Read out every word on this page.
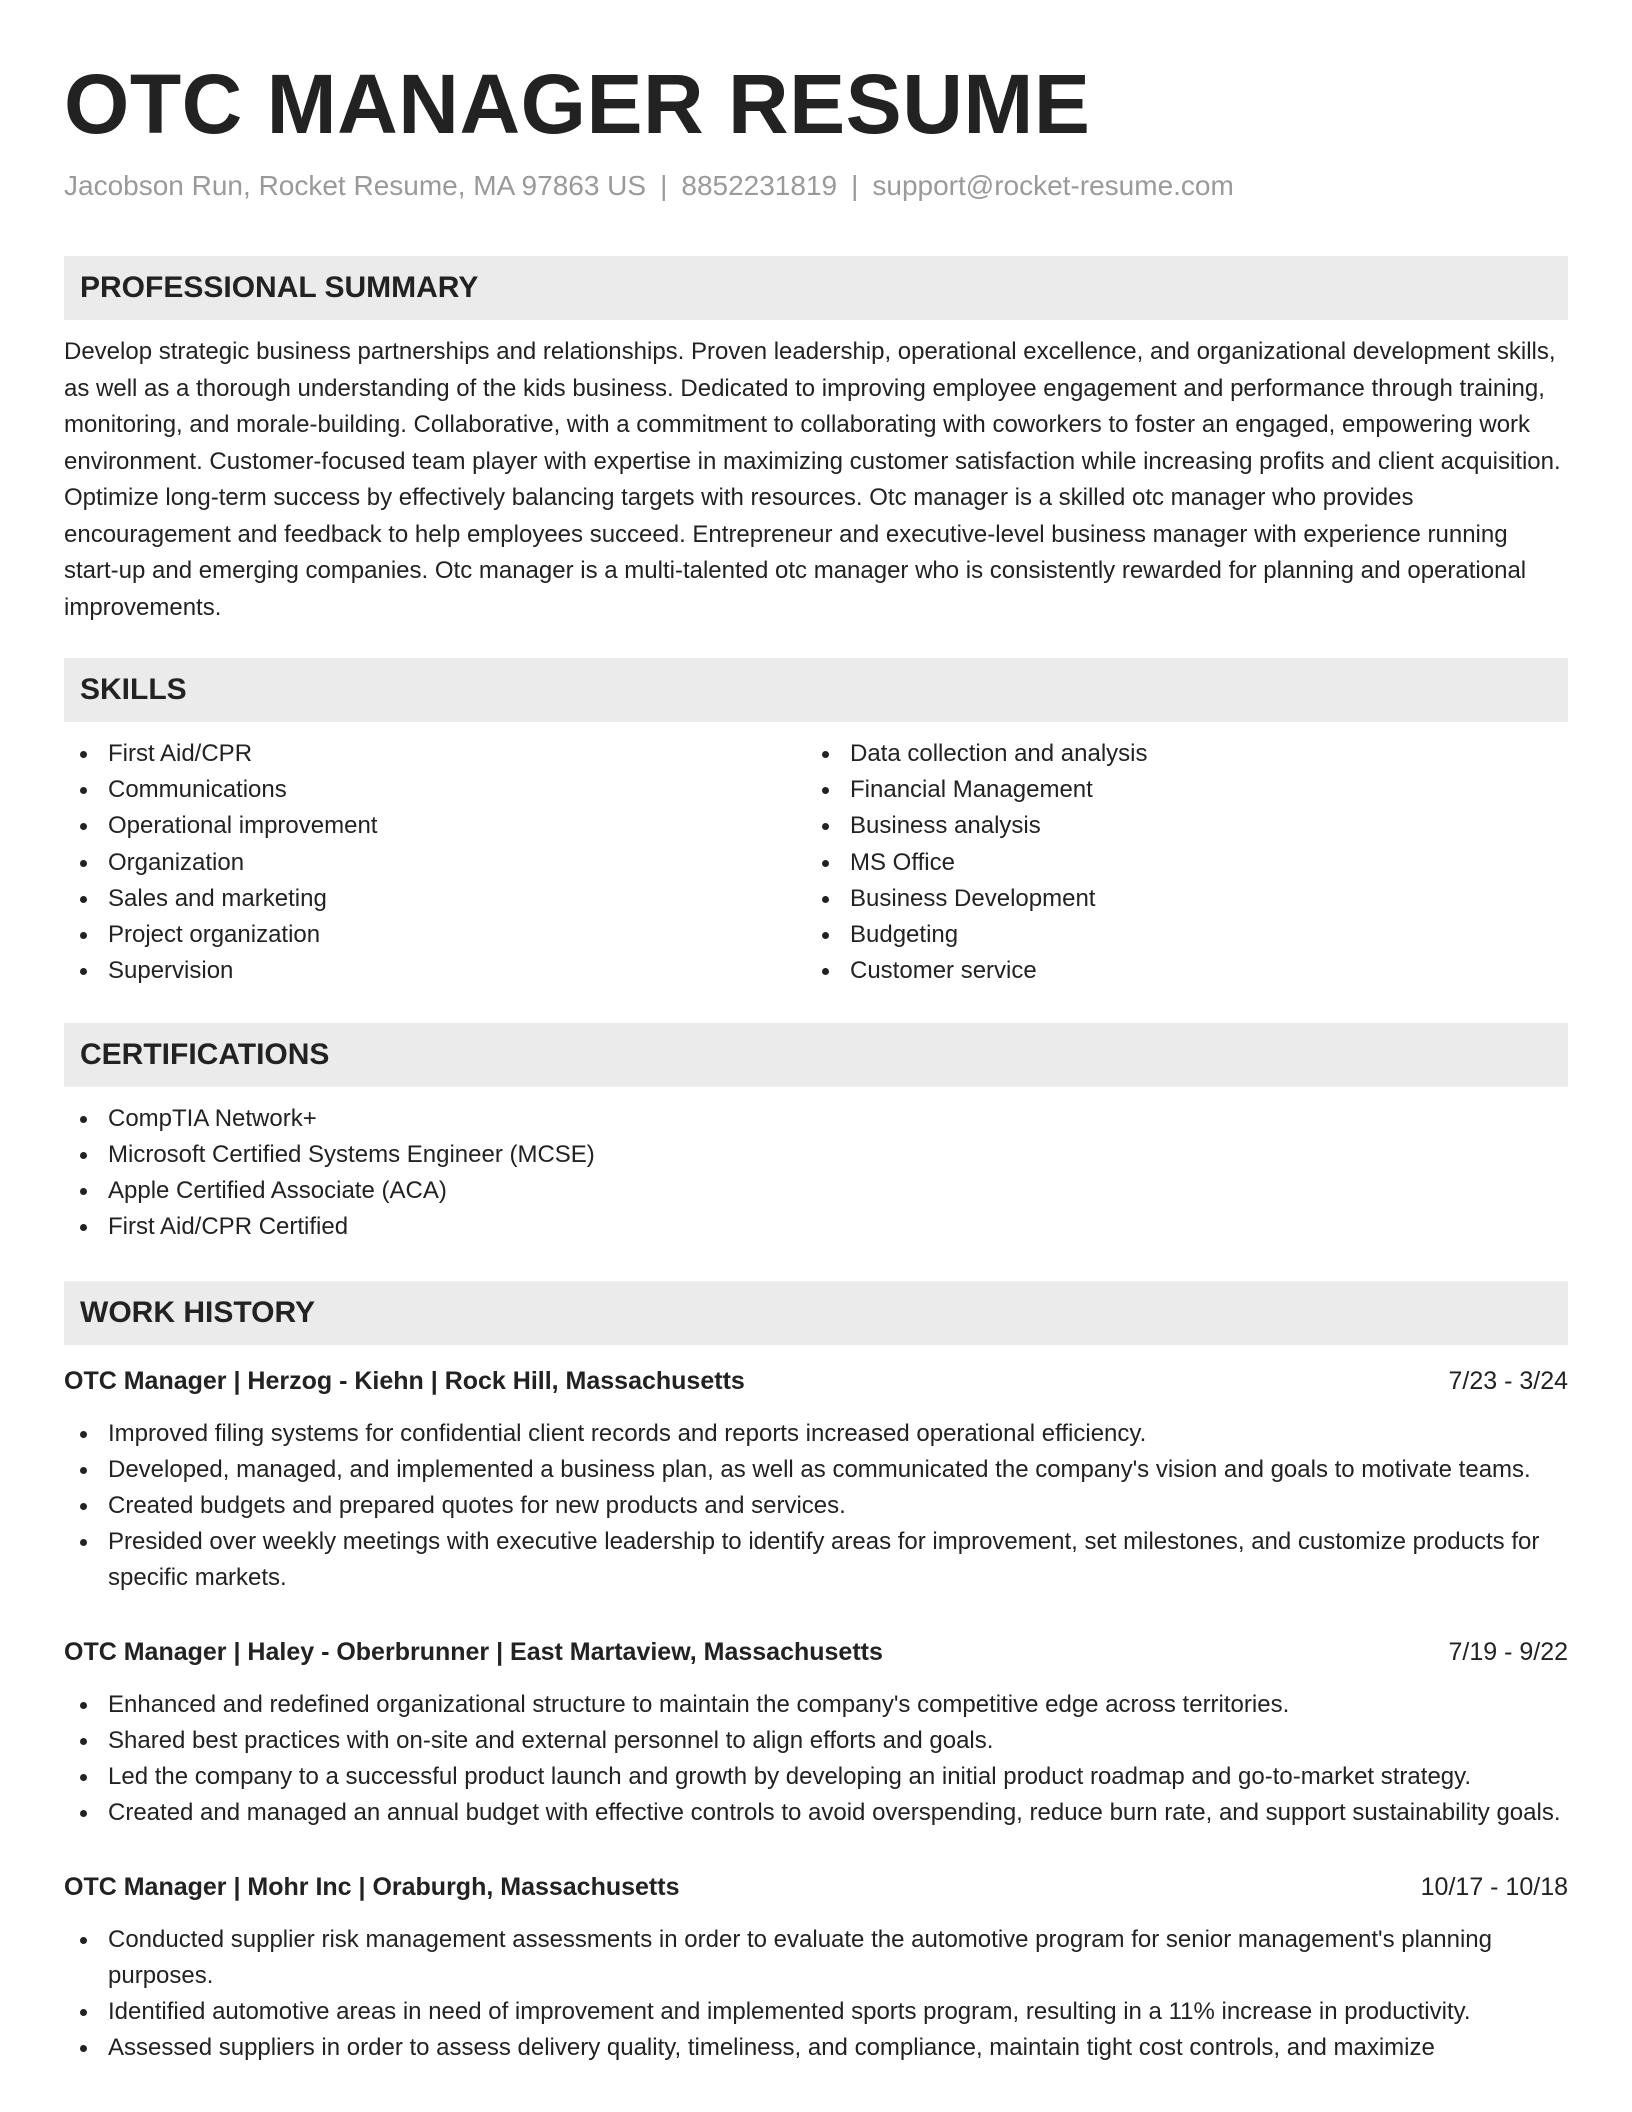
OTC MANAGER RESUME
Jacobson Run, Rocket Resume, MA 97863 US | 8852231819 | support@rocket-resume.com
PROFESSIONAL SUMMARY

Develop strategic business partnerships and relationships. Proven leadership, operational excellence, and organizational development skills, as well as a thorough understanding of the kids business. Dedicated to improving employee engagement and performance through training, monitoring, and morale-building. Collaborative, with a commitment to collaborating with coworkers to foster an engaged, empowering work environment. Customer-focused team player with expertise in maximizing customer satisfaction while increasing profits and client acquisition. Optimize long-term success by effectively balancing targets with resources. Otc manager is a skilled otc manager who provides encouragement and feedback to help employees succeed. Entrepreneur and executive-level business manager with experience running start-up and emerging companies. Otc manager is a multi-talented otc manager who is consistently rewarded for planning and operational improvements.

SKILLS
First Aid/CPR
Communications
Operational improvement
Organization
Sales and marketing
Project organization
Supervision
Data collection and analysis
Financial Management
Business analysis
MS Office
Business Development
Budgeting
Customer service
CERTIFICATIONS
CompTIA Network+
Microsoft Certified Systems Engineer (MCSE)
Apple Certified Associate (ACA)
First Aid/CPR Certified
WORK HISTORY
OTC Manager | Herzog - Kiehn | Rock Hill, Massachusetts	7/23 - 3/24
Improved filing systems for confidential client records and reports increased operational efficiency.
Developed, managed, and implemented a business plan, as well as communicated the company's vision and goals to motivate teams.
Created budgets and prepared quotes for new products and services.
Presided over weekly meetings with executive leadership to identify areas for improvement, set milestones, and customize products for specific markets.
OTC Manager | Haley - Oberbrunner | East Martaview, Massachusetts	7/19 - 9/22
Enhanced and redefined organizational structure to maintain the company's competitive edge across territories.
Shared best practices with on-site and external personnel to align efforts and goals.
Led the company to a successful product launch and growth by developing an initial product roadmap and go-to-market strategy.
Created and managed an annual budget with effective controls to avoid overspending, reduce burn rate, and support sustainability goals.
OTC Manager | Mohr Inc | Oraburgh, Massachusetts	10/17 - 10/18
Conducted supplier risk management assessments in order to evaluate the automotive program for senior management's planning purposes.
Identified automotive areas in need of improvement and implemented sports program, resulting in a 11% increase in productivity.
Assessed suppliers in order to assess delivery quality, timeliness, and compliance, maintain tight cost controls, and maximize
